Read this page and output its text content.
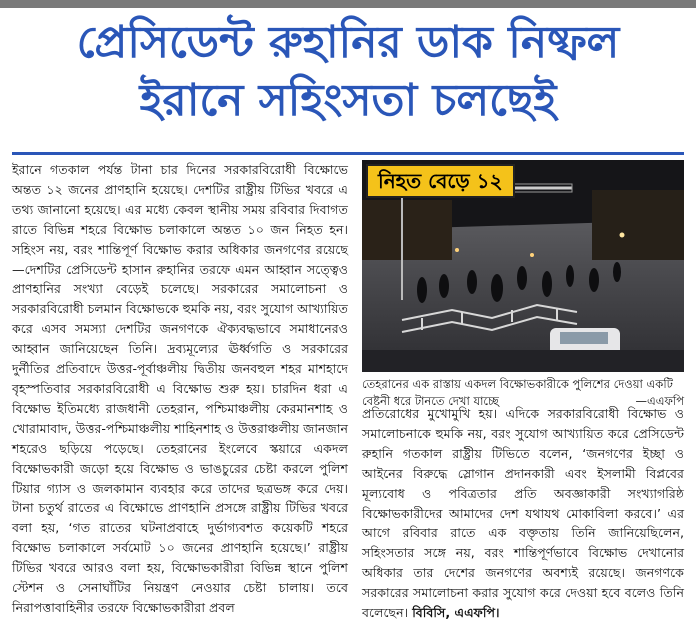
প্রেসিডেন্ট রুহানির ডাক নিষ্ফল
ইরানে সহিংসতা চলছেই

ইরানে গতকাল পর্যন্ত টানা চার দিনের সরকারবিরোধী বিক্ষোভে অন্তত ১২ জনের প্রাণহানি হয়েছে। দেশটির রাষ্ট্রীয় টিভির খবরে এ তথ্য জানানো হয়েছে। এর মধ্যে কেবল স্থানীয় সময় রবিবার দিবাগত রাতে বিভিন্ন শহরে বিক্ষোভ চলাকালে অন্তত ১০ জন নিহত হন। সহিংস নয়, বরং শান্তিপূর্ণ বিক্ষোভ করার অধিকার জনগণের রয়েছে—দেশটির প্রেসিডেন্ট হাসান রুহানির তরফে এমন আহ্বান সত্ত্বেও প্রাণহানির সংখ্যা বেড়েই চলেছে। সরকারের সমালোচনা ও সরকারবিরোধী চলমান বিক্ষোভকে হুমকি নয়, বরং সুযোগ আখ্যায়িত করে এসব সমস্যা দেশটির জনগণকে ঐক্যবদ্ধভাবে সমাধানেরও আহ্বান জানিয়েছেন তিনি। দ্রব্যমূল্যের ঊর্ধ্বগতি ও সরকারের দুর্নীতির প্রতিবাদে উত্তর-পূর্বাঞ্চলীয় দ্বিতীয় জনবহুল শহর মাশহাদে বৃহস্পতিবার সরকারবিরোধী এ বিক্ষোভ শুরু হয়। চারদিন ধরা এ বিক্ষোভ ইতিমধ্যে রাজধানী তেহরান, পশ্চিমাঞ্চলীয় কেরমানশাহ ও খোরামাবাদ, উত্তর-পশ্চিমাঞ্চলীয় শাহিনশাহ ও উত্তরাঞ্চলীয় জানজান শহরেও ছড়িয়ে পড়েছে। তেহরানের ইংলেবে স্কয়ারে একদল বিক্ষোভকারী জড়ো হয়ে বিক্ষোভ ও ভাঙচুরের চেষ্টা করলে পুলিশ টিয়ার গ্যাস ও জলকামান ব্যবহার করে তাদের ছত্রভঙ্গ করে দেয়। টানা চতুর্থ রাতের এ বিক্ষোভে প্রাণহানি প্রসঙ্গে রাষ্ট্রীয় টিভির খবরে বলা হয়, ‘গত রাতের ঘটনাপ্রবাহে দুর্ভাগ্যবশত কয়েকটি শহরে বিক্ষোভ চলাকালে সর্বমোট ১০ জনের প্রাণহানি হয়েছে।’ রাষ্ট্রীয় টিভির খবরে আরও বলা হয়, বিক্ষোভকারীরা বিভিন্ন স্থানে পুলিশ স্টেশন ও সেনাঘাঁটির নিয়ন্ত্রণ নেওয়ার চেষ্টা চালায়। তবে নিরাপত্তাবাহিনীর তরফে বিক্ষোভকারীরা প্রবল

নিহত বেড়ে ১২
তেহরানের এক রাস্তায় একদল বিক্ষোভকারীকে পুলিশের দেওয়া একটি বেষ্টনী ধরে টানতে দেখা যাচ্ছে	—এএফপি

প্রতিরোধের মুখোমুখি হয়। এদিকে সরকারবিরোধী বিক্ষোভ ও সমালোচনাকে হুমকি নয়, বরং সুযোগ আখ্যায়িত করে প্রেসিডেন্ট রুহানি গতকাল রাষ্ট্রীয় টিভিতে বলেন, ‘জনগণের ইচ্ছা ও আইনের বিরুদ্ধে স্লোগান প্রদানকারী এবং ইসলামী বিপ্লবের মূল্যবোধ ও পবিত্রতার প্রতি অবজ্ঞাকারী সংখ্যাগরিষ্ঠ বিক্ষোভকারীদের আমাদের দেশ যথাযথ মোকাবিলা করবে।’ এর আগে রবিবার রাতে এক বক্তৃতায় তিনি জানিয়েছিলেন, সহিংসতার সঙ্গে নয়, বরং শান্তিপূর্ণভাবে বিক্ষোভ দেখানোর অধিকার তার দেশের জনগণের অবশ্যই রয়েছে। জনগণকে সরকারের সমালোচনা করার সুযোগ করে দেওয়া হবে বলেও তিনি বলেছেন। বিবিসি, এএফপি।
